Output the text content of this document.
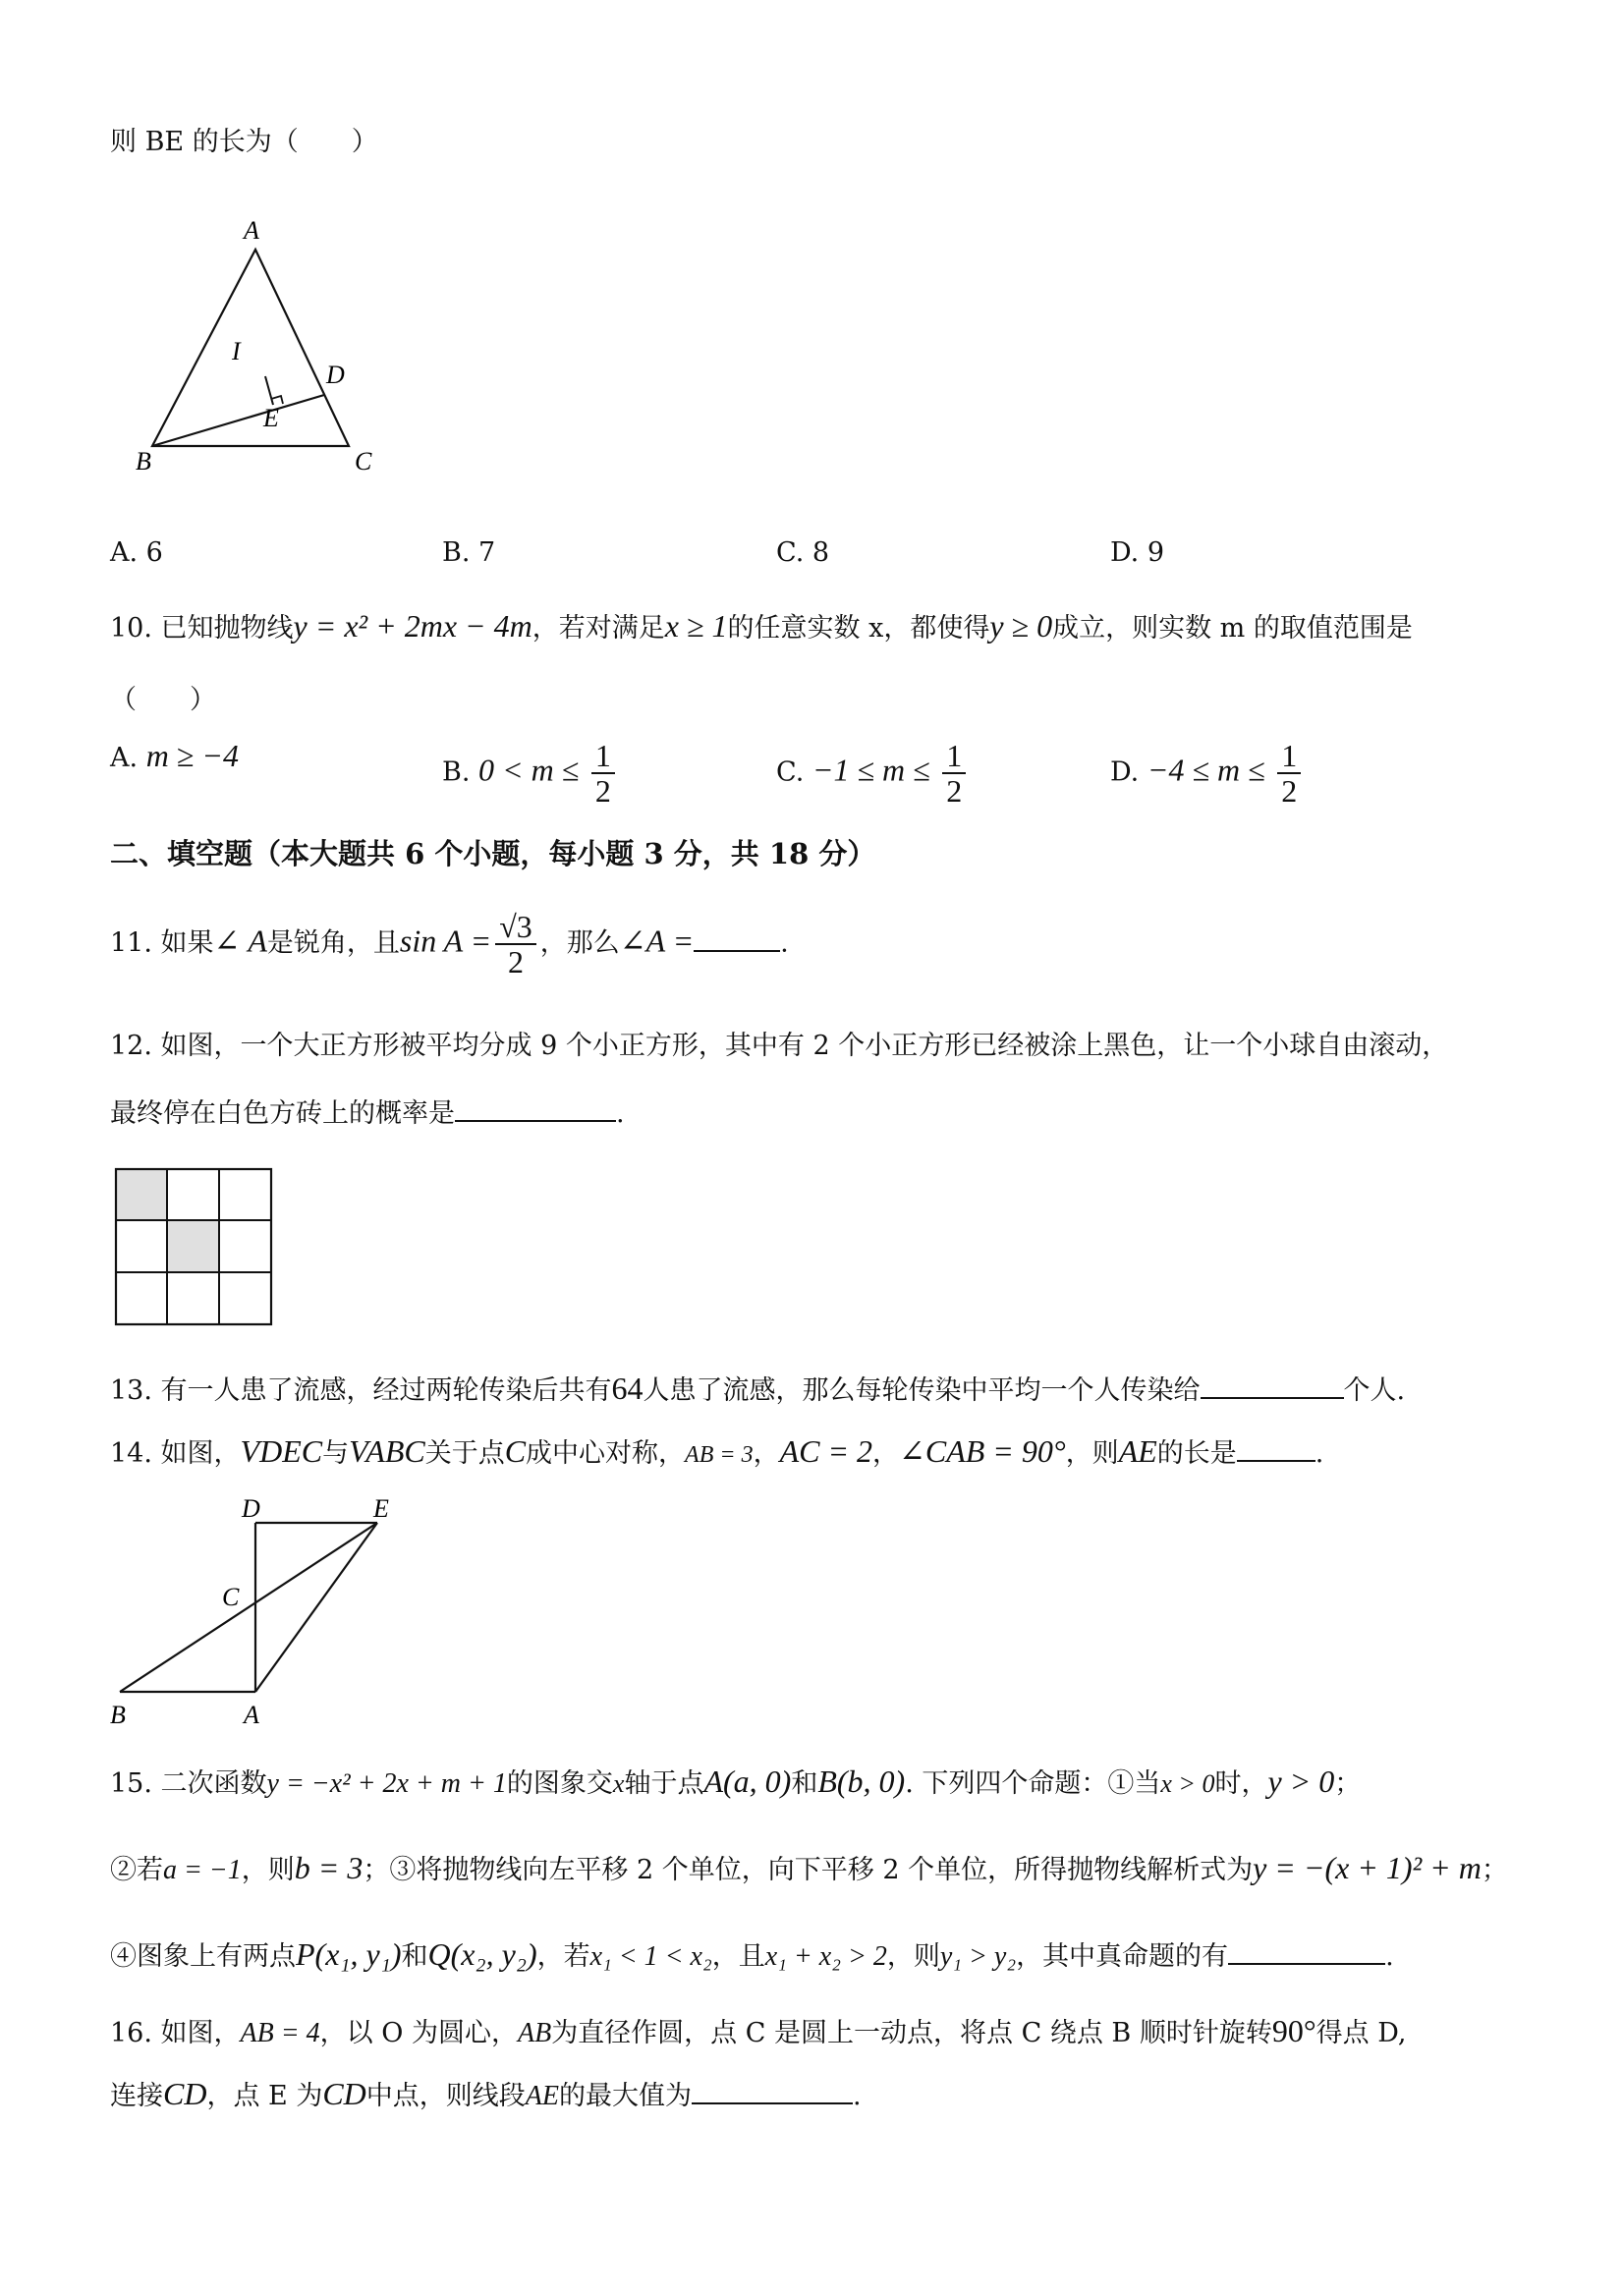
则 BE 的长为（　　）
A
B	C
D
E
I
A. 6	B. 7	C. 8	D. 9
10. 已知抛物线y = x² + 2mx − 4m，若对满足x ≥ 1的任意实数 x，都使得y ≥ 0成立，则实数 m 的取值范围是
（　　）
A. m ≥ −4	B. $0 < m \le \frac{1}{2}$	C. $-1 \le m \le \frac{1}{2}$	D. $-4 \le m \le \frac{1}{2}$
二、填空题（本大题共 6 个小题，每小题 3 分，共 18 分）
11. 如果∠ A是锐角，且$\sin A = \frac{√3}{2}$ ，那么∠A =	.
12. 如图，一个大正方形被平均分成 9 个小正方形，其中有 2 个小正方形已经被涂上黑色，让一个小球自由滚动，
最终停在白色方砖上的概率是	.
13. 有一人患了流感，经过两轮传染后共有64人患了流感，那么每轮传染中平均一个人传染给	个人.
14. 如图，VDEC与VABC关于点C成中心对称，AB = 3，AC = 2，∠CAB = 90°，则AE的长是	.
D	E
C
B	A
15. 二次函数y = −x² + 2x + m + 1的图象交x轴于点A(a, 0)和B(b, 0). 下列四个命题：①当x > 0时，y > 0；
②若a = −1，则b = 3；③将抛物线向左平移 2 个单位，向下平移 2 个单位，所得抛物线解析式为y = −(x + 1)² + m；
④图象上有两点P(x₁, y₁)和Q(x₂, y₂)，若x₁ < 1 < x₂，且x₁ + x₂ > 2，则y₁ > y₂，其中真命题的有	.
16. 如图，AB = 4，以 O 为圆心，AB为直径作圆，点 C 是圆上一动点，将点 C 绕点 B 顺时针旋转90°得点 D,
连接CD，点 E 为CD中点，则线段AE的最大值为	.
